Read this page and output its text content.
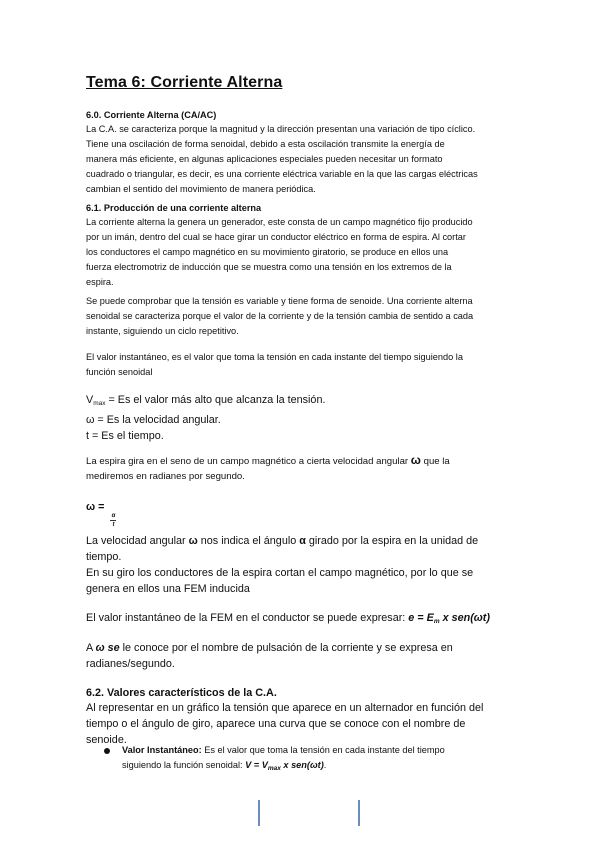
Tema 6: Corriente Alterna
6.0. Corriente Alterna (CA/AC)
La C.A. se caracteriza porque la magnitud y la dirección presentan una variación de tipo cíclico.
Tiene una oscilación de forma senoidal, debido a esta oscilación transmite la energía de
manera más eficiente, en algunas aplicaciones especiales pueden necesitar un formato
cuadrado o triangular, es decir, es una corriente eléctrica variable en la que las cargas eléctricas
cambian el sentido del movimiento de manera periódica.
6.1. Producción de una corriente alterna
La corriente alterna la genera un generador, este consta de un campo magnético fijo producido
por un imán, dentro del cual se hace girar un conductor eléctrico en forma de espira. Al cortar
los conductores el campo magnético en su movimiento giratorio, se produce en ellos una
fuerza electromotriz de inducción que se muestra como una tensión en los extremos de la
espira.
Se puede comprobar que la tensión es variable y tiene forma de senoide. Una corriente alterna
senoidal se caracteriza porque el valor de la corriente y de la tensión cambia de sentido a cada
instante, siguiendo un ciclo repetitivo.
El valor instantáneo, es el valor que toma la tensión en cada instante del tiempo siguiendo la
función senoidal
$V_{max} = Es$ el valor más alto que alcanza la tensión.
ω = Es la velocidad angular.
t = Es el tiempo.
La espira gira en el seno de un campo magnético a cierta velocidad angular ω que la
mediremos en radianes por segundo.
ω =
$\frac{\alpha}{t}$
La velocidad angular ω nos indica el ángulo α girado por la espira en la unidad de
tiempo.
En su giro los conductores de la espira cortan el campo magnético, por lo que se
genera en ellos una FEM inducida
El valor instantáneo de la FEM en el conductor se puede expresar: $e = E_m$ x sen(ωt)
A ω se le conoce por el nombre de pulsación de la corriente y se expresa en
radianes/segundo.
6.2. Valores característicos de la C.A.
Al representar en un gráfico la tensión que aparece en un alternador en función del
tiempo o el ángulo de giro, aparece una curva que se conoce con el nombre de
senoide.
Valor Instantáneo: Es el valor que toma la tensión en cada instante del tiempo
siguiendo la función senoidal: $V = V_{max}$ x sen(ωt).
